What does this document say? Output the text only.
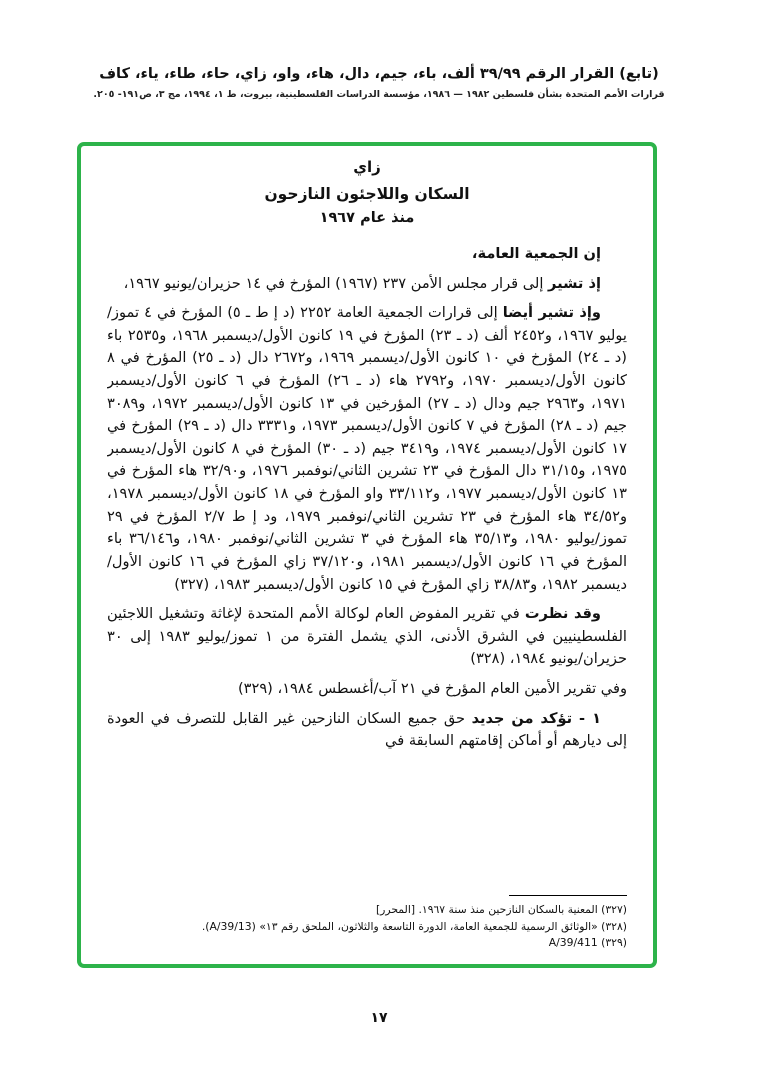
(تابع) القرار الرقم ٣٩/٩٩ ألف، باء، جيم، دال، هاء، واو، زاي، حاء، طاء، ياء، كاف
قرارات الأمم المتحدة بشأن فلسطين ١٩٨٢ — ١٩٨٦، مؤسسة الدراسات الفلسطينية، بيروت، ط ١، ١٩٩٤، مج ٣، ص١٩١- ٢٠٥.
زاي
السكان واللاجئون النازحون
منذ عام ١٩٦٧

إن الجمعية العامة،

إذ تشير إلى قرار مجلس الأمن ٢٣٧ (١٩٦٧) المؤرخ في ١٤ حزيران/يونيو ١٩٦٧،

وإذ تشير أيضا إلى قرارات الجمعية العامة ٢٢٥٢ (د إ ط ـ ٥) المؤرخ في ٤ تموز/يوليو ١٩٦٧، و٢٤٥٢ ألف (د ـ ٢٣) المؤرخ في ١٩ كانون الأول/ديسمبر ١٩٦٨، و٢٥٣٥ باء (د ـ ٢٤) المؤرخ في ١٠ كانون الأول/ديسمبر ١٩٦٩، و٢٦٧٢ دال (د ـ ٢٥) المؤرخ في ٨ كانون الأول/ديسمبر ١٩٧٠، و٢٧٩٢ هاء (د ـ ٢٦) المؤرخ في ٦ كانون الأول/ديسمبر ١٩٧١، و٢٩٦٣ جيم ودال (د ـ ٢٧) المؤرخين في ١٣ كانون الأول/ديسمبر ١٩٧٢، و٣٠٨٩ جيم (د ـ ٢٨) المؤرخ في ٧ كانون الأول/ديسمبر ١٩٧٣، و٣٣٣١ دال (د ـ ٢٩) المؤرخ في ١٧ كانون الأول/ديسمبر ١٩٧٤، و٣٤١٩ جيم (د ـ ٣٠) المؤرخ في ٨ كانون الأول/ديسمبر ١٩٧٥، و٣١/١٥ دال المؤرخ في ٢٣ تشرين الثاني/نوفمبر ١٩٧٦، و٣٢/٩٠ هاء المؤرخ في ١٣ كانون الأول/ديسمبر ١٩٧٧، و٣٣/١١٢ واو المؤرخ في ١٨ كانون الأول/ديسمبر ١٩٧٨، و٣٤/٥٢ هاء المؤرخ في ٢٣ تشرين الثاني/نوفمبر ١٩٧٩، ود إ ط ٢/٧ المؤرخ في ٢٩ تموز/يوليو ١٩٨٠، و٣٥/١٣ هاء المؤرخ في ٣ تشرين الثاني/نوفمبر ١٩٨٠، و٣٦/١٤٦ باء المؤرخ في ١٦ كانون الأول/ديسمبر ١٩٨١، و٣٧/١٢٠ زاي المؤرخ في ١٦ كانون الأول/ديسمبر ١٩٨٢، و٣٨/٨٣ زاي المؤرخ في ١٥ كانون الأول/ديسمبر ١٩٨٣، (٣٢٧)

وقد نظرت في تقرير المفوض العام لوكالة الأمم المتحدة لإغاثة وتشغيل اللاجئين الفلسطينيين في الشرق الأدنى، الذي يشمل الفترة من ١ تموز/يوليو ١٩٨٣ إلى ٣٠ حزيران/يونيو ١٩٨٤، (٣٢٨)

وفي تقرير الأمين العام المؤرخ في ٢١ آب/أغسطس ١٩٨٤، (٣٢٩)

١ - تؤكد من جديد حق جميع السكان النازحين غير القابل للتصرف في العودة إلى ديارهم أو أماكن إقامتهم السابقة في

(٣٢٧) المعنية بالسكان النازحين منذ سنة ١٩٦٧. [المحرر]
(٣٢٨) «الوثائق الرسمية للجمعية العامة، الدورة التاسعة والثلاثون، الملحق رقم ١٣» (A/39/13).
(٣٢٩) A/39/411
١٧
